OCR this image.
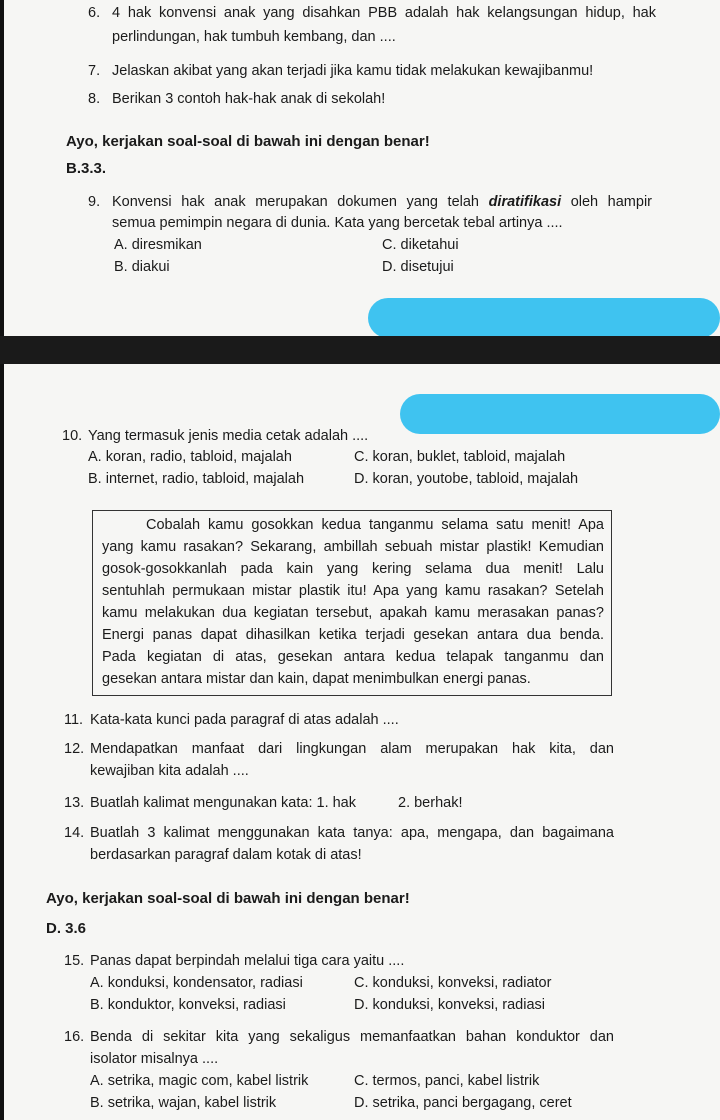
6. 4 hak konvensi anak yang disahkan PBB adalah hak kelangsungan hidup, hak
perlindungan, hak tumbuh kembang, dan ....
7. Jelaskan akibat yang akan terjadi jika kamu tidak melakukan kewajibanmu!
8. Berikan 3 contoh hak-hak anak di sekolah!
Ayo, kerjakan soal-soal di bawah ini dengan benar!
B.3.3.
9. Konvensi hak anak merupakan dokumen yang telah diratifikasi oleh hampir
semua pemimpin negara di dunia. Kata yang bercetak tebal artinya ....
A. diresmikan
B. diakui
C. diketahui
D. disetujui
10. Yang termasuk jenis media cetak adalah ....
A. koran, radio, tabloid, majalah
B. internet, radio, tabloid, majalah
C. koran, buklet, tabloid, majalah
D. koran, youtobe, tabloid, majalah
Cobalah kamu gosokkan kedua tanganmu selama satu menit! Apa
yang kamu rasakan? Sekarang, ambillah sebuah mistar plastik! Kemudian
gosok-gosokkanlah pada kain yang kering selama dua menit! Lalu
sentuhlah permukaan mistar plastik itu! Apa yang kamu rasakan? Setelah
kamu melakukan dua kegiatan tersebut, apakah kamu merasakan panas?
Energi panas dapat dihasilkan ketika terjadi gesekan antara dua benda.
Pada kegiatan di atas, gesekan antara kedua telapak tanganmu dan
gesekan antara mistar dan kain, dapat menimbulkan energi panas.
11. Kata-kata kunci pada paragraf di atas adalah ....
12. Mendapatkan manfaat dari lingkungan alam merupakan hak kita, dan
kewajiban kita adalah ....
13. Buatlah kalimat mengunakan kata: 1. hak	2. berhak!
14. Buatlah 3 kalimat menggunakan kata tanya: apa, mengapa, dan bagaimana
berdasarkan paragraf dalam kotak di atas!
Ayo, kerjakan soal-soal di bawah ini dengan benar!
D. 3.6
15. Panas dapat berpindah melalui tiga cara yaitu ....
A. konduksi, kondensator, radiasi
B. konduktor, konveksi, radiasi
C. konduksi, konveksi, radiator
D. konduksi, konveksi, radiasi
16. Benda di sekitar kita yang sekaligus memanfaatkan bahan konduktor dan
isolator misalnya ....
A. setrika, magic com, kabel listrik
B. setrika, wajan, kabel listrik
C. termos, panci, kabel listrik
D. setrika, panci bergagang, ceret
